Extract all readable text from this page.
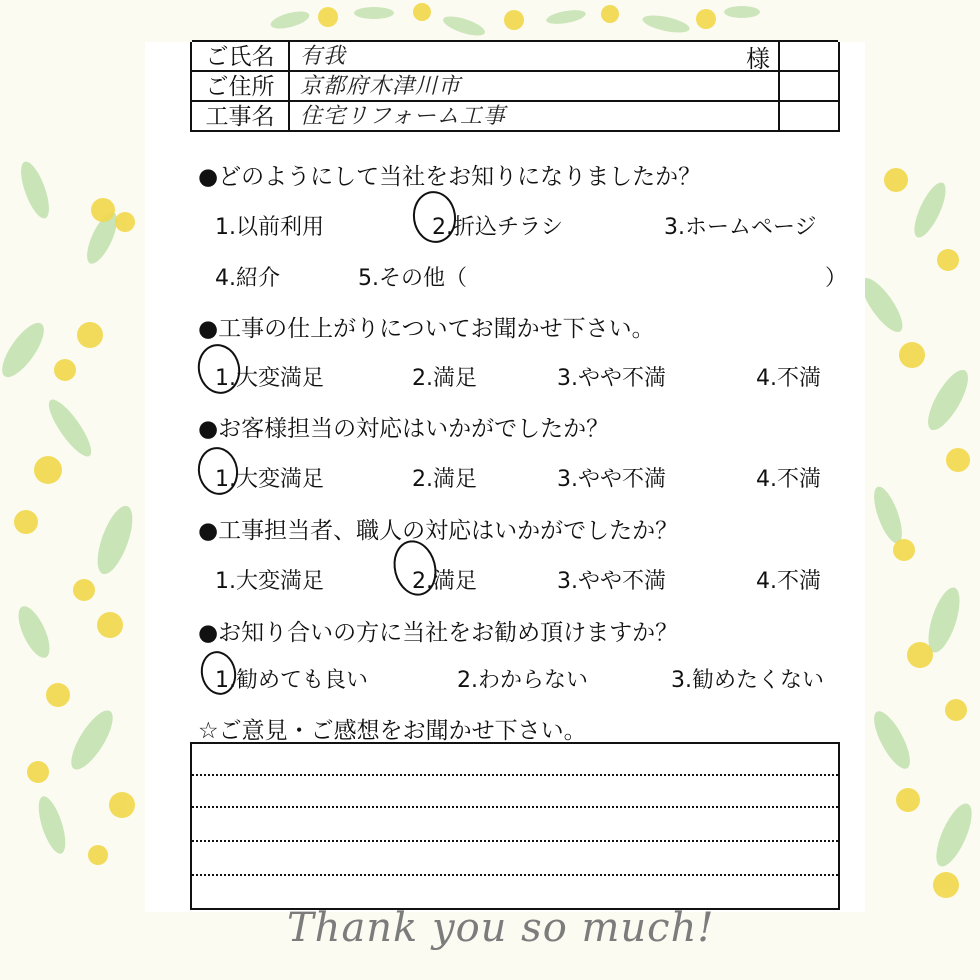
ご氏名	有我	様
ご住所	京都府木津川市
工事名	住宅リフォーム工事
●どのようにして当社をお知りになりましたか？
1.以前利用	2.折込チラシ	3.ホームページ
4.紹介	5.その他（	）
●工事の仕上がりについてお聞かせ下さい。
1.大変満足	2.満足	3.やや不満	4.不満
●お客様担当の対応はいかがでしたか？
1.大変満足	2.満足	3.やや不満	4.不満
●工事担当者、職人の対応はいかがでしたか？
1.大変満足	2.満足	3.やや不満	4.不満
●お知り合いの方に当社をお勧め頂けますか？
1.勧めても良い	2.わからない	3.勧めたくない
☆ご意見・ご感想をお聞かせ下さい。
Thank you so much!
